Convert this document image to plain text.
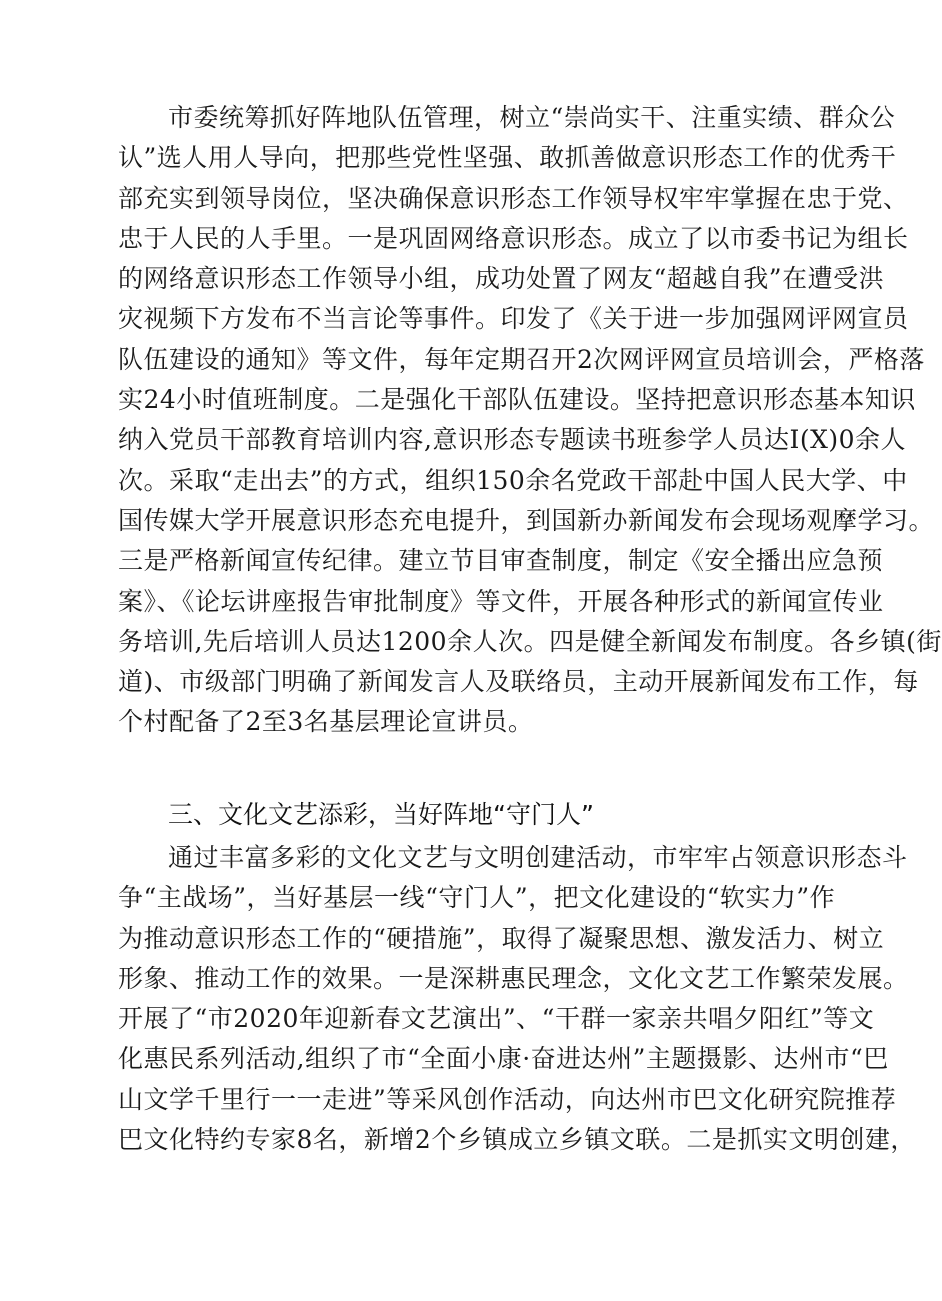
市委统筹抓好阵地队伍管理，树立“崇尚实干、注重实绩、群众公
认”选人用人导向，把那些党性坚强、敢抓善做意识形态工作的优秀干
部充实到领导岗位，坚决确保意识形态工作领导权牢牢掌握在忠于党、
忠于人民的人手里。一是巩固网络意识形态。成立了以市委书记为组长
的网络意识形态工作领导小组，成功处置了网友“超越自我”在遭受洪
灾视频下方发布不当言论等事件。印发了《关于进一步加强网评网宣员
队伍建设的通知》等文件，每年定期召开2次网评网宣员培训会，严格落
实24小时值班制度。二是强化干部队伍建设。坚持把意识形态基本知识
纳入党员干部教育培训内容,意识形态专题读书班参学人员达I(X)0余人
次。采取“走出去”的方式，组织150余名党政干部赴中国人民大学、中
国传媒大学开展意识形态充电提升，到国新办新闻发布会现场观摩学习。
三是严格新闻宣传纪律。建立节目审查制度，制定《安全播出应急预
案》、《论坛讲座报告审批制度》等文件，开展各种形式的新闻宣传业
务培训,先后培训人员达1200余人次。四是健全新闻发布制度。各乡镇(街
道)、市级部门明确了新闻发言人及联络员，主动开展新闻发布工作，每
个村配备了2至3名基层理论宣讲员。
三、文化文艺添彩，当好阵地“守门人”
通过丰富多彩的文化文艺与文明创建活动，市牢牢占领意识形态斗
争“主战场”，当好基层一线“守门人”，把文化建设的“软实力”作
为推动意识形态工作的“硬措施”，取得了凝聚思想、激发活力、树立
形象、推动工作的效果。一是深耕惠民理念，文化文艺工作繁荣发展。
开展了“市2020年迎新春文艺演出”、“干群一家亲共唱夕阳红”等文
化惠民系列活动,组织了市“全面小康·奋进达州”主题摄影、达州市“巴
山文学千里行一一走进”等采风创作活动，向达州市巴文化研究院推荐
巴文化特约专家8名，新增2个乡镇成立乡镇文联。二是抓实文明创建，
